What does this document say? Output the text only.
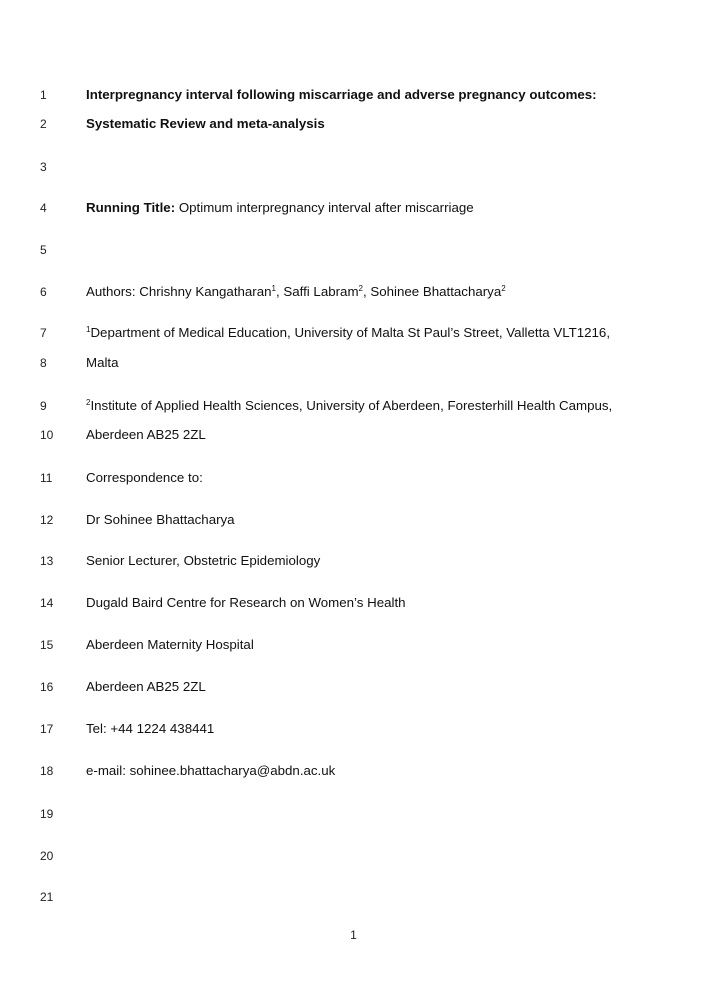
1	Interpregnancy interval following miscarriage and adverse pregnancy outcomes:
2	Systematic Review and meta-analysis
3
4	Running Title: Optimum interpregnancy interval after miscarriage
5
6	Authors: Chrishny Kangatharan$^1$, Saffi Labram$^2$, Sohinee Bhattacharya$^2$
7	$^1$Department of Medical Education, University of Malta St Paul’s Street, Valletta VLT1216,
8	Malta
9	$^2$Institute of Applied Health Sciences, University of Aberdeen, Foresterhill Health Campus,
10	Aberdeen AB25 2ZL
11	Correspondence to:
12	Dr Sohinee Bhattacharya
13	Senior Lecturer, Obstetric Epidemiology
14	Dugald Baird Centre for Research on Women’s Health
15	Aberdeen Maternity Hospital
16	Aberdeen AB25 2ZL
17	Tel: +44 1224 438441
18	e-mail: sohinee.bhattacharya@abdn.ac.uk
19
20
21
1
